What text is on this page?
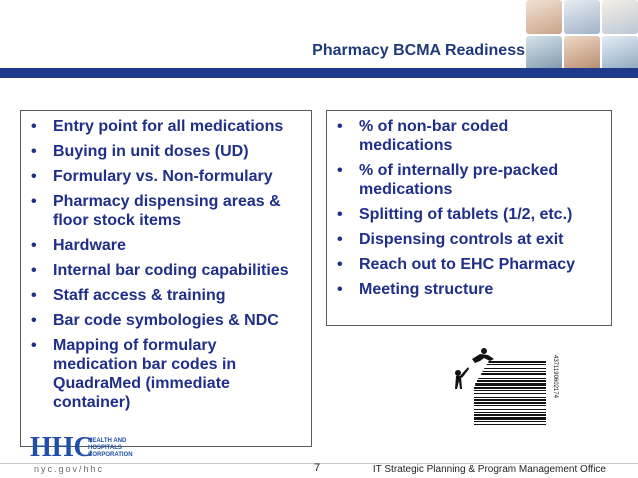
Pharmacy BCMA Readiness
• Entry point for all medications
• Buying in unit doses (UD)
• Formulary vs. Non-formulary
• Pharmacy dispensing areas & floor stock items
• Hardware
• Internal bar coding capabilities
• Staff access & training
• Bar code symbologies & NDC
• Mapping of formulary medication bar codes in QuadraMed (immediate container)
• % of non-bar coded medications
• % of internally pre-packed medications
• Splitting of tablets (1/2, etc.)
• Dispensing controls at exit
• Reach out to EHC Pharmacy
• Meeting structure
4371190602174
HHC
HEALTH AND
HOSPITALS
CORPORATION
nyc.gov/hhc	7	IT Strategic Planning & Program Management Office
